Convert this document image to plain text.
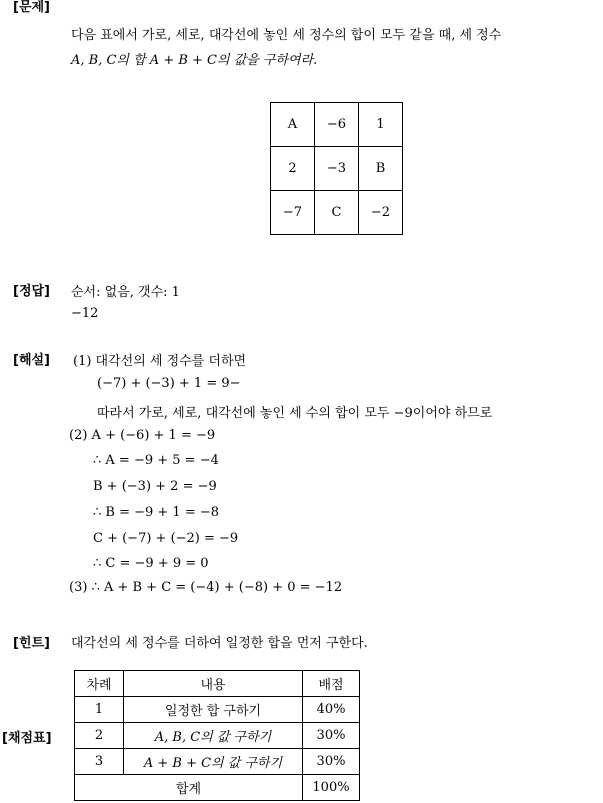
[문제]
다음 표에서 가로, 세로, 대각선에 놓인 세 정수의 합이 모두 같을 때, 세 정수
A, B, C의 합 A + B + C의 값을 구하여라.
A	−6	1
2	−3	B
−7	C	−2
[정답] 순서: 없음, 갯수: 1
−12
[해설] (1) 대각선의 세 정수를 더하면
(−7) + (−3) + 1 = 9−
따라서 가로, 세로, 대각선에 놓인 세 수의 합이 모두 −9이어야 하므로
(2) A + (−6) + 1 = −9
∴ A = −9 + 5 = −4
B + (−3) + 2 = −9
∴ B = −9 + 1 = −8
C + (−7) + (−2) = −9
∴ C = −9 + 9 = 0
(3) ∴ A + B + C = (−4) + (−8) + 0 = −12
[힌트] 대각선의 세 정수를 더하여 일정한 합을 먼저 구한다.
[채점표]
차례	내용	배점
1	일정한 합 구하기	40%
2	A, B, C의 값 구하기	30%
3	A + B + C의 값 구하기	30%
합계		100%
